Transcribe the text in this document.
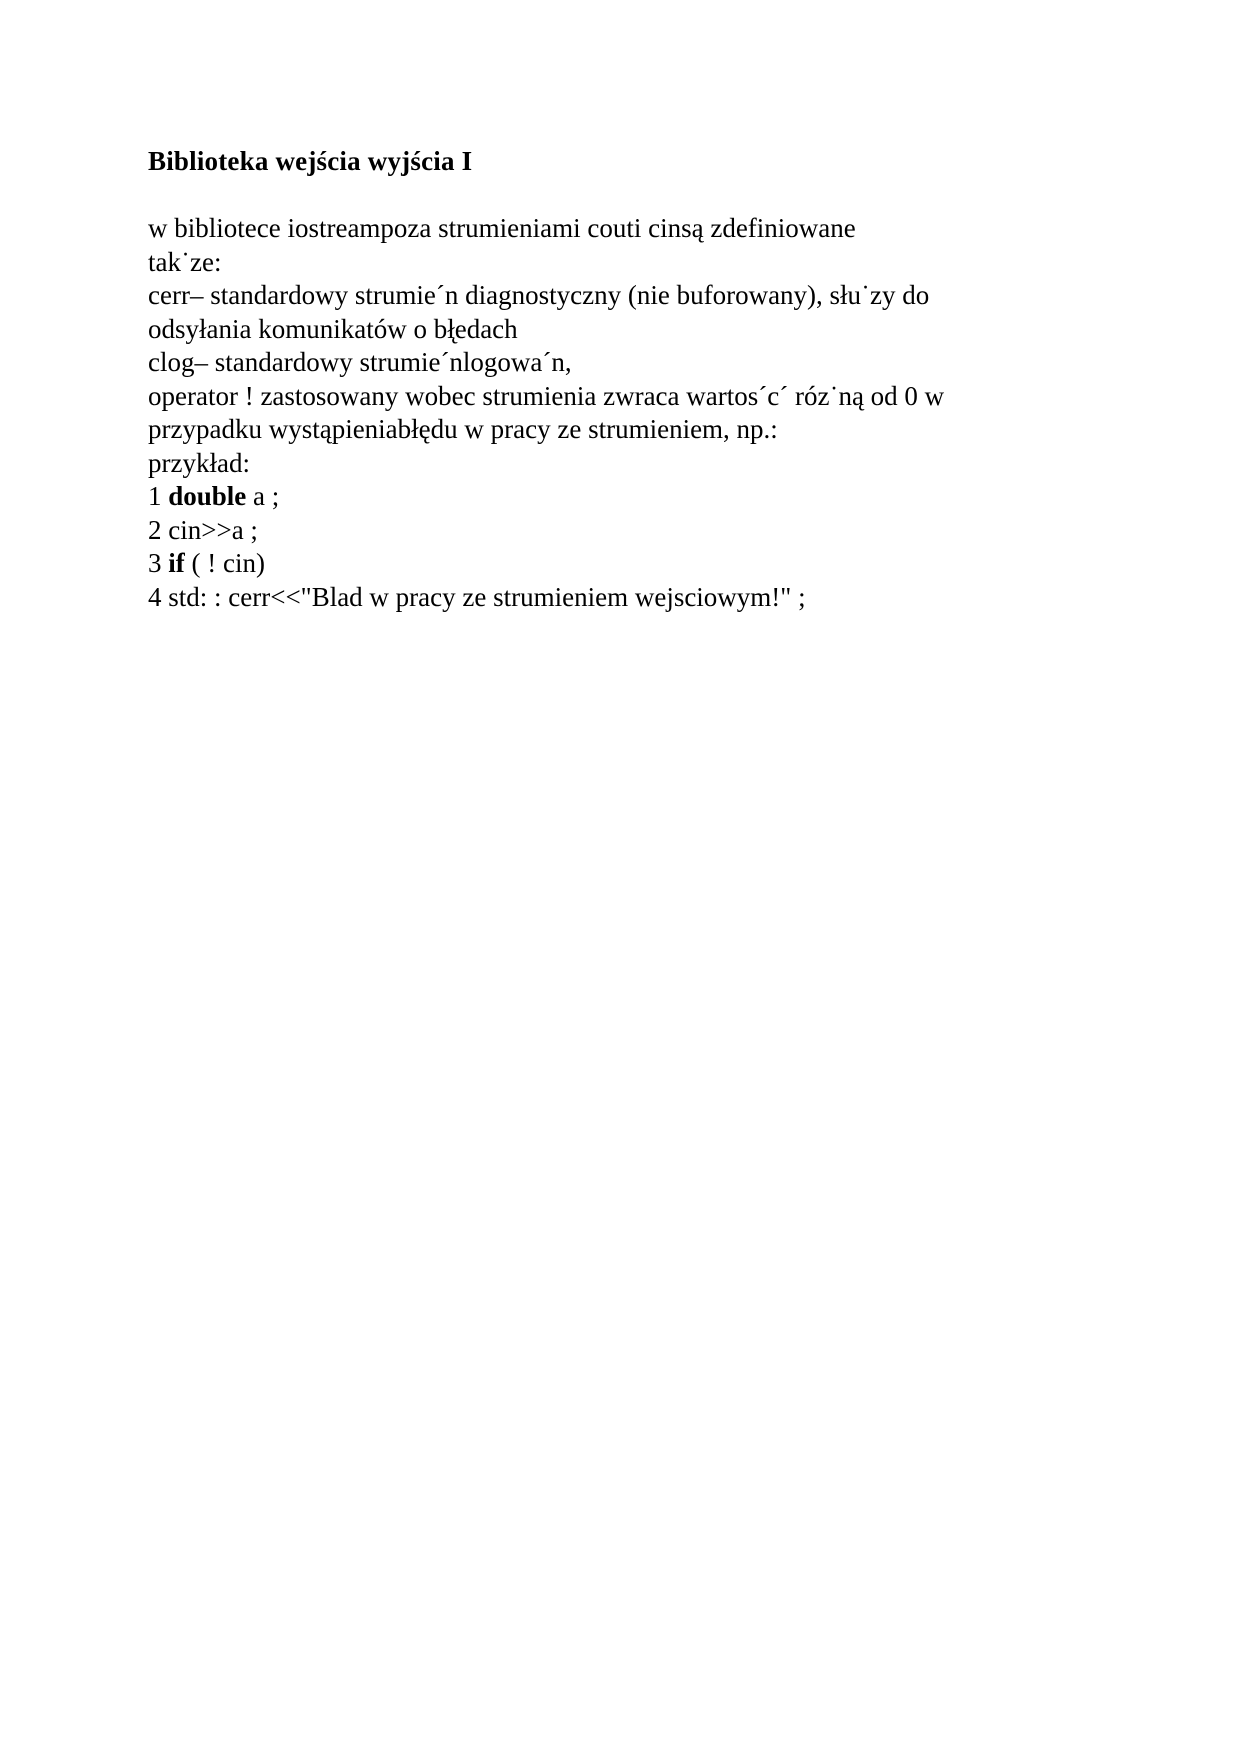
Biblioteka wejścia wyjścia I
w bibliotece iostreampoza strumieniami couti cinsą zdefiniowane
tak˙ze:
cerr– standardowy strumie´n diagnostyczny (nie buforowany), słu˙zy do
odsyłania komunikatów o bł̨edach
clog– standardowy strumie´nlogowa´n,
operator ! zastosowany wobec strumienia zwraca wartos´c´ róz˙ną od 0 w
przypadku wystąpieniabłędu w pracy ze strumieniem, np.:
przykład:
1 double a ;
2 cin>>a ;
3 if ( ! cin)
4 std: : cerr<<"Blad w pracy ze strumieniem wejsciowym!" ;
